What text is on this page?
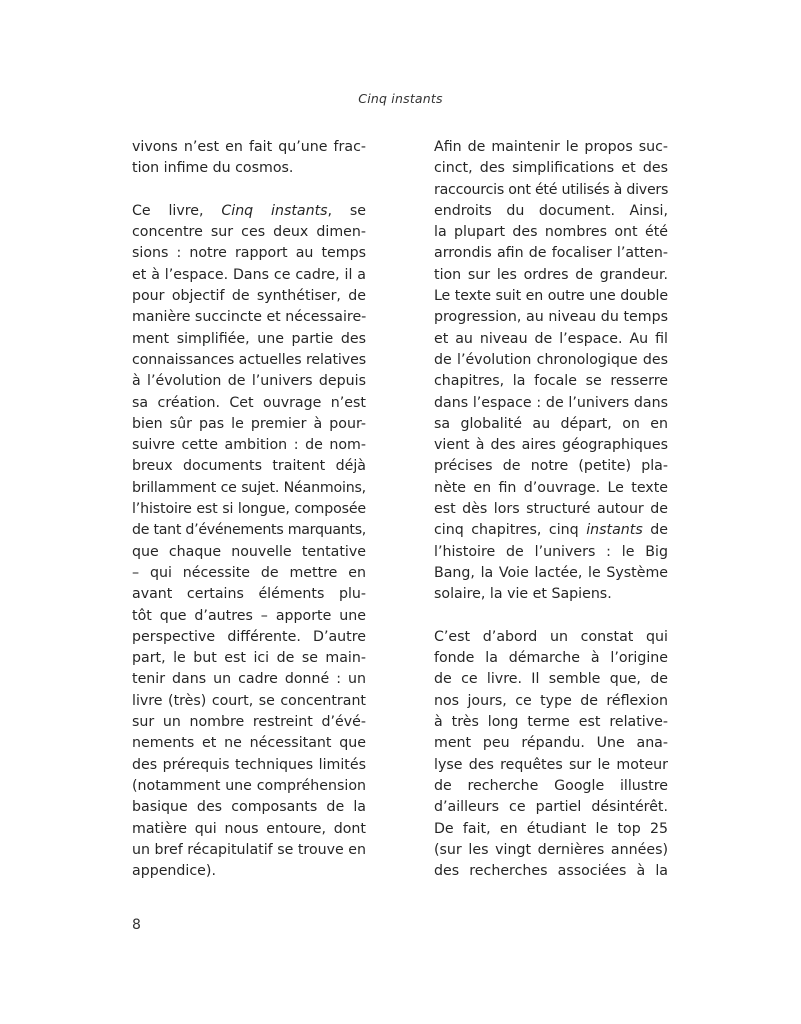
Cinq instants
vivons n’est en fait qu’une frac-
tion infime du cosmos.
Ce livre, Cinq instants, se
concentre sur ces deux dimen-
sions : notre rapport au temps
et à l’espace. Dans ce cadre, il a
pour objectif de synthétiser, de
manière succincte et nécessaire-
ment simplifiée, une partie des
connaissances actuelles relatives
à l’évolution de l’univers depuis
sa création. Cet ouvrage n’est
bien sûr pas le premier à pour-
suivre cette ambition : de nom-
breux documents traitent déjà
brillamment ce sujet. Néanmoins,
l’histoire est si longue, composée
de tant d’événements marquants,
que chaque nouvelle tentative
– qui nécessite de mettre en
avant certains éléments plu-
tôt que d’autres – apporte une
perspective différente. D’autre
part, le but est ici de se main-
tenir dans un cadre donné : un
livre (très) court, se concentrant
sur un nombre restreint d’évé-
nements et ne nécessitant que
des prérequis techniques limités
(notamment une compréhension
basique des composants de la
matière qui nous entoure, dont
un bref récapitulatif se trouve en
appendice).
Afin de maintenir le propos suc-
cinct, des simplifications et des
raccourcis ont été utilisés à divers
endroits du document. Ainsi,
la plupart des nombres ont été
arrondis afin de focaliser l’atten-
tion sur les ordres de grandeur.
Le texte suit en outre une double
progression, au niveau du temps
et au niveau de l’espace. Au fil
de l’évolution chronologique des
chapitres, la focale se resserre
dans l’espace : de l’univers dans
sa globalité au départ, on en
vient à des aires géographiques
précises de notre (petite) pla-
nète en fin d’ouvrage. Le texte
est dès lors structuré autour de
cinq chapitres, cinq instants de
l’histoire de l’univers : le Big
Bang, la Voie lactée, le Système
solaire, la vie et Sapiens.
C’est d’abord un constat qui
fonde la démarche à l’origine
de ce livre. Il semble que, de
nos jours, ce type de réflexion
à très long terme est relative-
ment peu répandu. Une ana-
lyse des requêtes sur le moteur
de recherche Google illustre
d’ailleurs ce partiel désintérêt.
De fait, en étudiant le top 25
(sur les vingt dernières années)
des recherches associées à la
8
